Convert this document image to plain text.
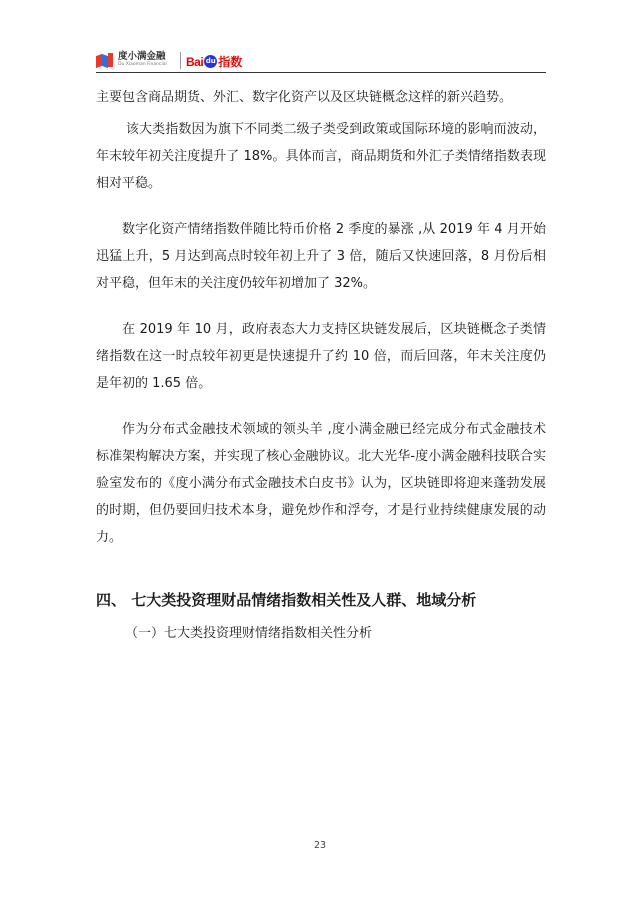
度小满金融
Du Xiaoman Financial Bai du 指数

主要包含商品期货、外汇、数字化资产以及区块链概念这样的新兴趋势。

该大类指数因为旗下不同类二级子类受到政策或国际环境的影响而波动，年末较年初关注度提升了 18%。具体而言，商品期货和外汇子类情绪指数表现相对平稳。

数字化资产情绪指数伴随比特币价格 2 季度的暴涨 ,从 2019 年 4 月开始迅猛上升，5 月达到高点时较年初上升了 3 倍，随后又快速回落，8 月份后相对平稳，但年末的关注度仍较年初增加了 32%。

在 2019 年 10 月，政府表态大力支持区块链发展后，区块链概念子类情绪指数在这一时点较年初更是快速提升了约 10 倍，而后回落，年末关注度仍是年初的 1.65 倍。

作为分布式金融技术领域的领头羊 ,度小满金融已经完成分布式金融技术标准架构解决方案，并实现了核心金融协议。北大光华-度小满金融科技联合实验室发布的《度小满分布式金融技术白皮书》认为，区块链即将迎来蓬勃发展的时期，但仍要回归技术本身，避免炒作和浮夸，才是行业持续健康发展的动力。

四、 七大类投资理财品情绪指数相关性及人群、地域分析
（一）七大类投资理财情绪指数相关性分析
23
